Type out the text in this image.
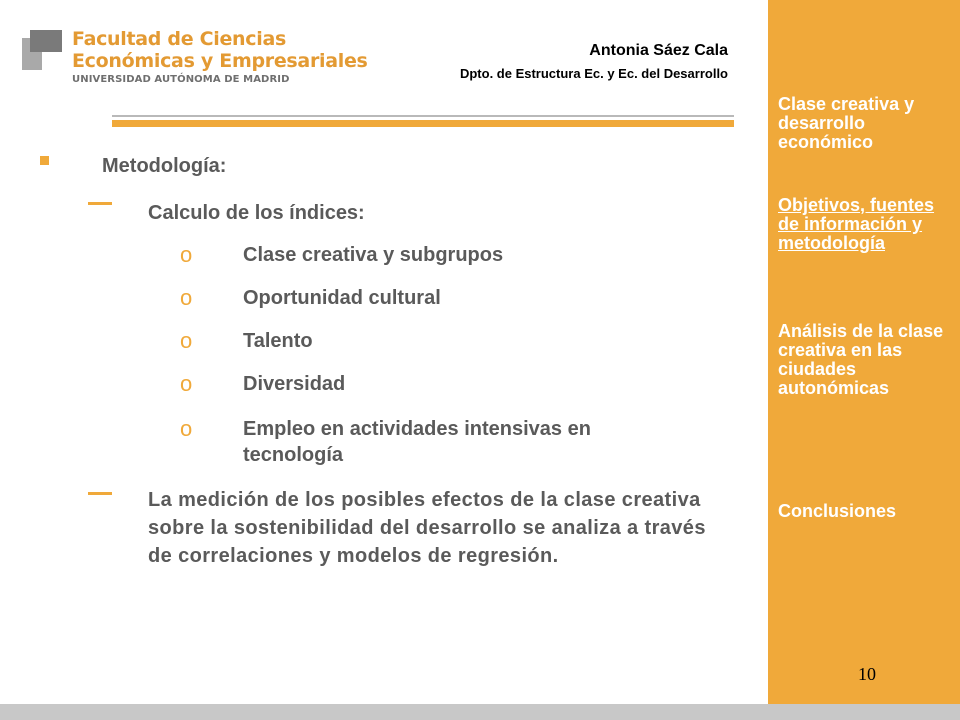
Facultad de Ciencias
Económicas y Empresariales
UNIVERSIDAD AUTÓNOMA DE MADRID
Antonia Sáez Cala
Dpto. de Estructura Ec. y Ec. del Desarrollo
Metodología:
Calculo de los índices:
o	Clase creativa y subgrupos
o	Oportunidad cultural
o	Talento
o	Diversidad
o	Empleo en actividades intensivas en tecnología
La medición de los posibles efectos de la clase creativa sobre la sostenibilidad del desarrollo se analiza a través de correlaciones y modelos de regresión.
Clase creativa y desarrollo económico
Objetivos, fuentes de información y metodología
Análisis de la clase creativa en las ciudades autonómicas
Conclusiones
10
